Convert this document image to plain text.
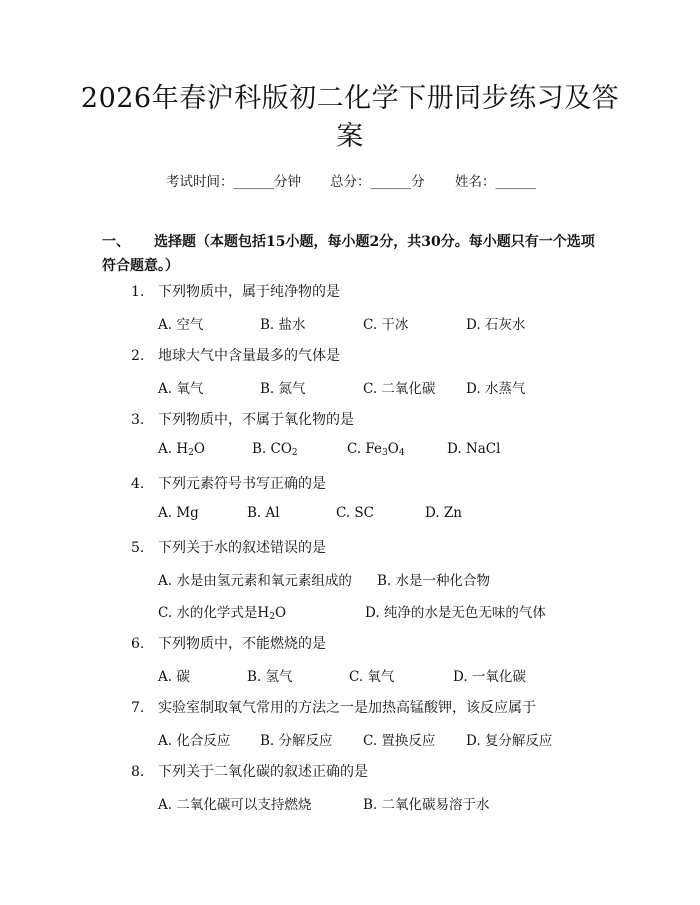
2026年春沪科版初二化学下册同步练习及答
案
考试时间：______分钟 总分：______分 姓名：______
一、 选择题（本题包括15小题，每小题2分，共30分。每小题只有一个选项符合题意。）
1. 下列物质中，属于纯净物的是
A. 空气	B. 盐水	C. 干冰	D. 石灰水
2. 地球大气中含量最多的气体是
A. 氧气	B. 氮气	C. 二氧化碳 D. 水蒸气
3. 下列物质中，不属于氧化物的是
A. $H_2O$	B. $CO_2$	C. $Fe_3O_4$	D. NaCl
4. 下列元素符号书写正确的是
A. Mg	B. Al	C. SC	D. Zn
5. 下列关于水的叙述错误的是
A. 水是由氢元素和氧元素组成的 B. 水是一种化合物
C. 水的化学式是$H_2O$	D. 纯净的水是无色无味的气体
6. 下列物质中，不能燃烧的是
A. 碳	B. 氢气	C. 氧气	D. 一氧化碳
7. 实验室制取氧气常用的方法之一是加热高锰酸钾，该反应属于
A. 化合反应 B. 分解反应 C. 置换反应 D. 复分解反应
8. 下列关于二氧化碳的叙述正确的是
A. 二氧化碳可以支持燃烧	B. 二氧化碳易溶于水
